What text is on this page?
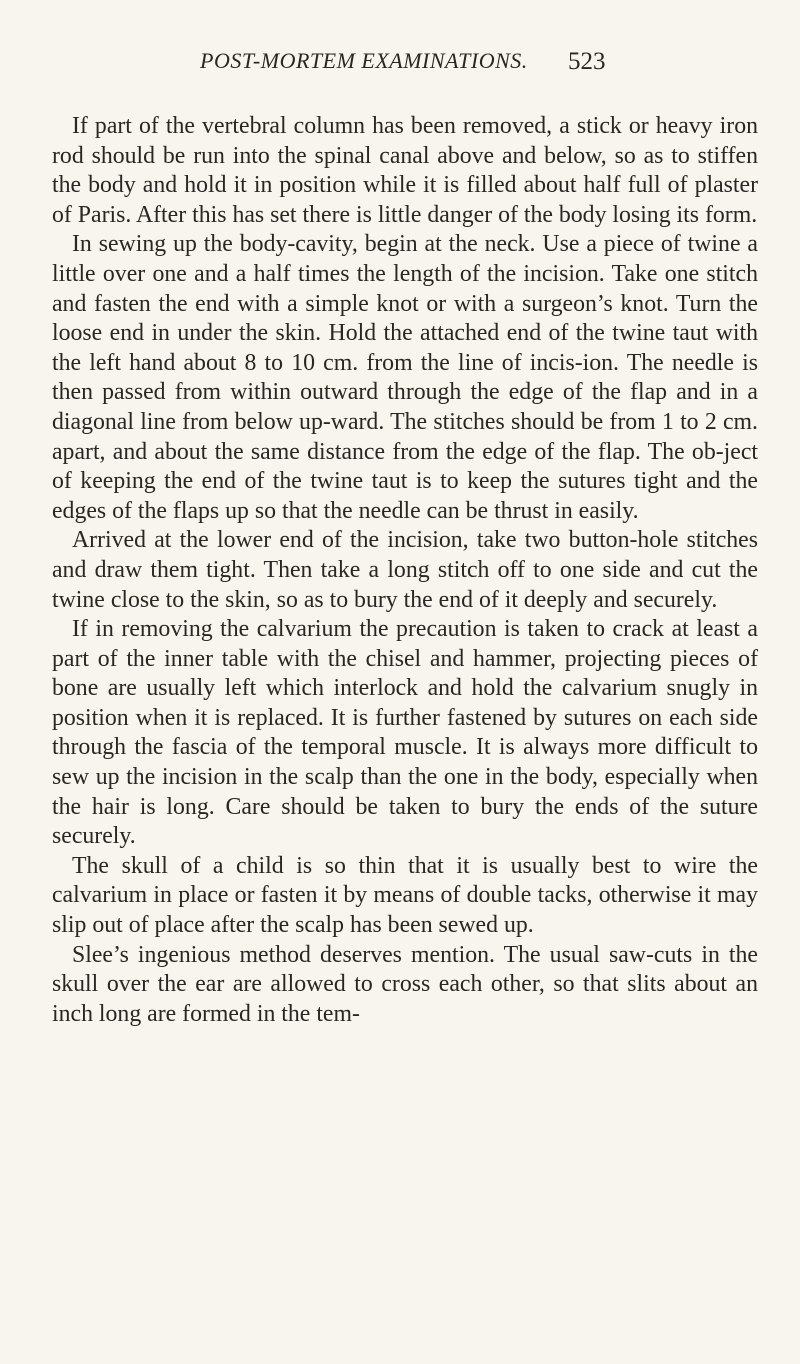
POST-MORTEM EXAMINATIONS. 523

If part of the vertebral column has been removed, a stick or heavy iron rod should be run into the spinal canal above and below, so as to stiffen the body and hold it in position while it is filled about half full of plaster of Paris. After this has set there is little danger of the body losing its form.

In sewing up the body-cavity, begin at the neck. Use a piece of twine a little over one and a half times the length of the incision. Take one stitch and fasten the end with a simple knot or with a surgeon’s knot. Turn the loose end in under the skin. Hold the attached end of the twine taut with the left hand about 8 to 10 cm. from the line of incis-ion. The needle is then passed from within outward through the edge of the flap and in a diagonal line from below up-ward. The stitches should be from 1 to 2 cm. apart, and about the same distance from the edge of the flap. The ob-ject of keeping the end of the twine taut is to keep the sutures tight and the edges of the flaps up so that the needle can be thrust in easily.

Arrived at the lower end of the incision, take two button-hole stitches and draw them tight. Then take a long stitch off to one side and cut the twine close to the skin, so as to bury the end of it deeply and securely.

If in removing the calvarium the precaution is taken to crack at least a part of the inner table with the chisel and hammer, projecting pieces of bone are usually left which interlock and hold the calvarium snugly in position when it is replaced. It is further fastened by sutures on each side through the fascia of the temporal muscle. It is always more difficult to sew up the incision in the scalp than the one in the body, especially when the hair is long. Care should be taken to bury the ends of the suture securely.

The skull of a child is so thin that it is usually best to wire the calvarium in place or fasten it by means of double tacks, otherwise it may slip out of place after the scalp has been sewed up.

Slee’s ingenious method deserves mention. The usual saw-cuts in the skull over the ear are allowed to cross each other, so that slits about an inch long are formed in the tem-
